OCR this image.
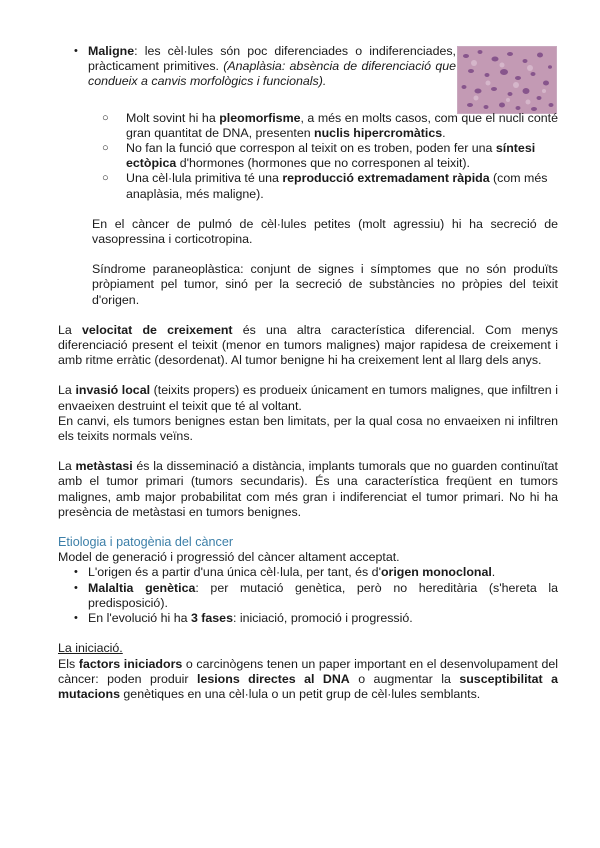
• Maligne: les cèl·lules són poc diferenciades o indiferenciades, pràcticament primitives. (Anaplàsia: absència de diferenciació que condueix a canvis morfològics i funcionals).
○ Molt sovint hi ha pleomorfisme, a més en molts casos, com que el nucli conté gran quantitat de DNA, presenten nuclis hipercromàtics.
○ No fan la funció que correspon al teixit on es troben, poden fer una síntesi ectòpica d'hormones (hormones que no corresponen al teixit).
○ Una cèl·lula primitiva té una reproducció extremadament ràpida (com més anaplàsia, més maligne).
En el càncer de pulmó de cèl·lules petites (molt agressiu) hi ha secreció de vasopressina i corticotropina.
Síndrome paraneoplàstica: conjunt de signes i símptomes que no són produïts pròpiament pel tumor, sinó per la secreció de substàncies no pròpies del teixit d'origen.
La velocitat de creixement és una altra característica diferencial. Com menys diferenciació present el teixit (menor en tumors malignes) major rapidesa de creixement i amb ritme erràtic (desordenat). Al tumor benigne hi ha creixement lent al llarg dels anys.
La invasió local (teixits propers) es produeix únicament en tumors malignes, que infiltren i envaeixen destruint el teixit que té al voltant.
En canvi, els tumors benignes estan ben limitats, per la qual cosa no envaeixen ni infiltren els teixits normals veïns.
La metàstasi és la disseminació a distància, implants tumorals que no guarden continuïtat amb el tumor primari (tumors secundaris). És una característica freqüent en tumors malignes, amb major probabilitat com més gran i indiferenciat el tumor primari. No hi ha presència de metàstasi en tumors benignes.
Etiologia i patogènia del càncer
Model de generació i progressió del càncer altament acceptat.
• L'origen és a partir d'una única cèl·lula, per tant, és d'origen monoclonal.
• Malaltia genètica: per mutació genètica, però no hereditària (s'hereta la predisposició).
• En l'evolució hi ha 3 fases: iniciació, promoció i progressió.
La iniciació.
Els factors iniciadors o carcinògens tenen un paper important en el desenvolupament del càncer: poden produir lesions directes al DNA o augmentar la susceptibilitat a mutacions genètiques en una cèl·lula o un petit grup de cèl·lules semblants.
